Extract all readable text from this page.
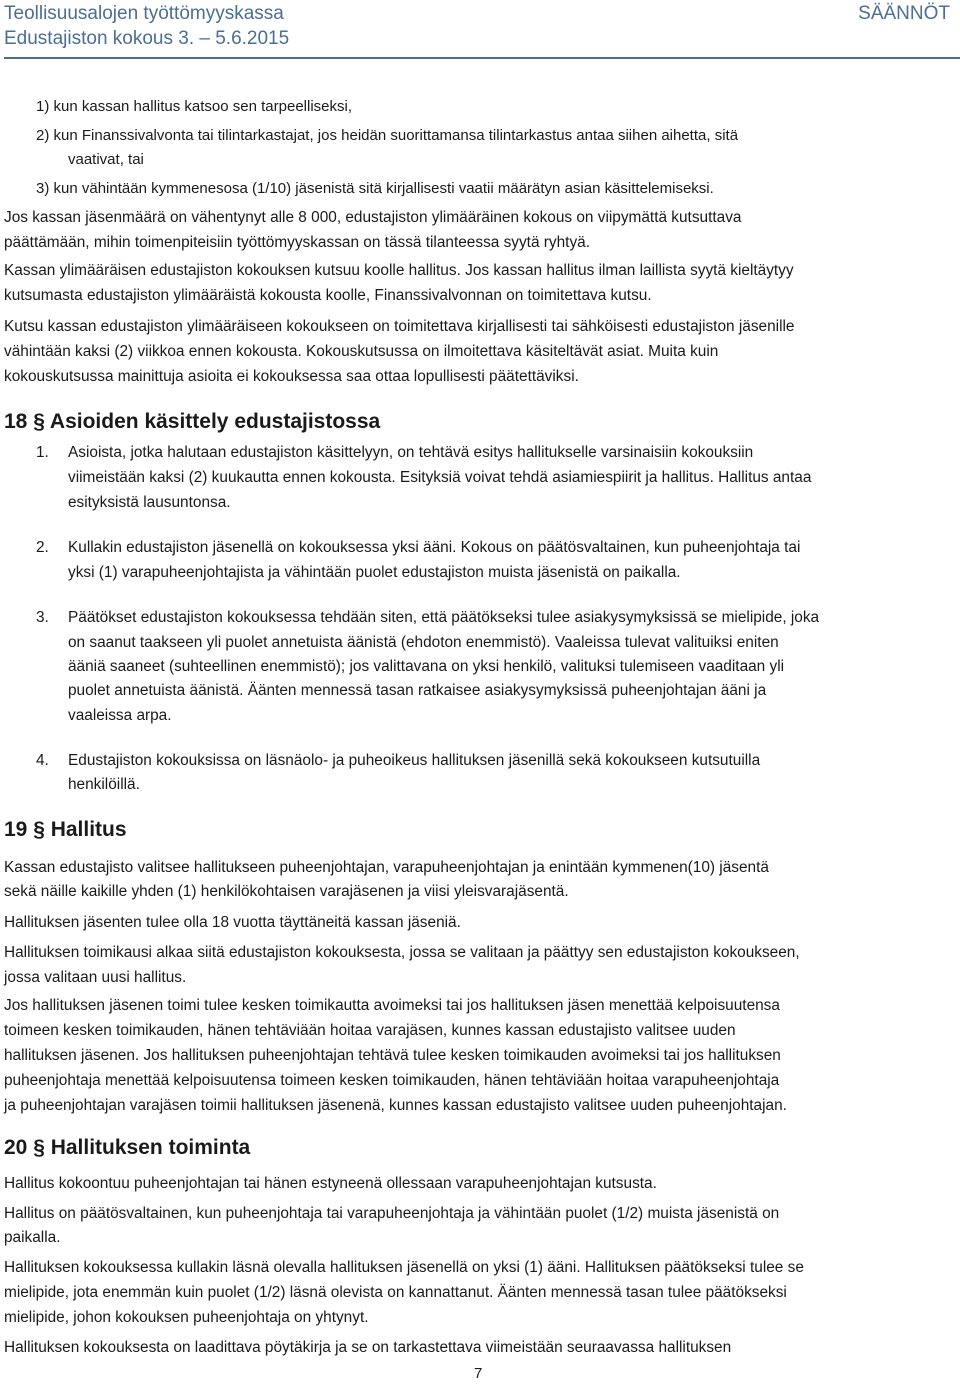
Teollisuusalojen työttömyyskassa
Edustajiston kokous 3. – 5.6.2015
SÄÄNNÖT
1) kun kassan hallitus katsoo sen tarpeelliseksi,
2) kun Finanssivalvonta tai tilintarkastajat, jos heidän suorittamansa tilintarkastus antaa siihen aihetta, sitä
vaativat, tai
3) kun vähintään kymmenesosa (1/10) jäsenistä sitä kirjallisesti vaatii määrätyn asian käsittelemiseksi.
Jos kassan jäsenmäärä on vähentynyt alle 8 000, edustajiston ylimääräinen kokous on viipymättä kutsuttava
päättämään, mihin toimenpiteisiin työttömyyskassan on tässä tilanteessa syytä ryhtyä.
Kassan ylimääräisen edustajiston kokouksen kutsuu koolle hallitus. Jos kassan hallitus ilman laillista syytä kieltäytyy
kutsumasta edustajiston ylimääräistä kokousta koolle, Finanssivalvonnan on toimitettava kutsu.
Kutsu kassan edustajiston ylimääräiseen kokoukseen on toimitettava kirjallisesti tai sähköisesti edustajiston jäsenille
vähintään kaksi (2) viikkoa ennen kokousta. Kokouskutsussa on ilmoitettava käsiteltävät asiat. Muita kuin
kokouskutsussa mainittuja asioita ei kokouksessa saa ottaa lopullisesti päätettäviksi.
18 § Asioiden käsittely edustajistossa
1. Asioista, jotka halutaan edustajiston käsittelyyn, on tehtävä esitys hallitukselle varsinaisiin kokouksiin
viimeistään kaksi (2) kuukautta ennen kokousta. Esityksiä voivat tehdä asiamiespiirit ja hallitus. Hallitus antaa
esityksistä lausuntonsa.
2. Kullakin edustajiston jäsenellä on kokouksessa yksi ääni. Kokous on päätösvaltainen, kun puheenjohtaja tai
yksi (1) varapuheenjohtajista ja vähintään puolet edustajiston muista jäsenistä on paikalla.
3. Päätökset edustajiston kokouksessa tehdään siten, että päätökseksi tulee asiakysymyksissä se mielipide, joka
on saanut taakseen yli puolet annetuista äänistä (ehdoton enemmistö). Vaaleissa tulevat valituiksi eniten
ääniä saaneet (suhteellinen enemmistö); jos valittavana on yksi henkilö, valituksi tulemiseen vaaditaan yli
puolet annetuista äänistä. Äänten mennessä tasan ratkaisee asiakysymyksissä puheenjohtajan ääni ja
vaaleissa arpa.
4. Edustajiston kokouksissa on läsnäolo- ja puheoikeus hallituksen jäsenillä sekä kokoukseen kutsutuilla
henkilöillä.
19 § Hallitus
Kassan edustajisto valitsee hallitukseen puheenjohtajan, varapuheenjohtajan ja enintään kymmenen(10) jäsentä
sekä näille kaikille yhden (1) henkilökohtaisen varajäsenen ja viisi yleisvarajäsentä.
Hallituksen jäsenten tulee olla 18 vuotta täyttäneitä kassan jäseniä.
Hallituksen toimikausi alkaa siitä edustajiston kokouksesta, jossa se valitaan ja päättyy sen edustajiston kokoukseen,
jossa valitaan uusi hallitus.
Jos hallituksen jäsenen toimi tulee kesken toimikautta avoimeksi tai jos hallituksen jäsen menettää kelpoisuutensa
toimeen kesken toimikauden, hänen tehtäviään hoitaa varajäsen, kunnes kassan edustajisto valitsee uuden
hallituksen jäsenen. Jos hallituksen puheenjohtajan tehtävä tulee kesken toimikauden avoimeksi tai jos hallituksen
puheenjohtaja menettää kelpoisuutensa toimeen kesken toimikauden, hänen tehtäviään hoitaa varapuheenjohtaja
ja puheenjohtajan varajäsen toimii hallituksen jäsenenä, kunnes kassan edustajisto valitsee uuden puheenjohtajan.
20 § Hallituksen toiminta
Hallitus kokoontuu puheenjohtajan tai hänen estyneenä ollessaan varapuheenjohtajan kutsusta.
Hallitus on päätösvaltainen, kun puheenjohtaja tai varapuheenjohtaja ja vähintään puolet (1/2) muista jäsenistä on
paikalla.
Hallituksen kokouksessa kullakin läsnä olevalla hallituksen jäsenellä on yksi (1) ääni. Hallituksen päätökseksi tulee se
mielipide, jota enemmän kuin puolet (1/2) läsnä olevista on kannattanut. Äänten mennessä tasan tulee päätökseksi
mielipide, johon kokouksen puheenjohtaja on yhtynyt.
Hallituksen kokouksesta on laadittava pöytäkirja ja se on tarkastettava viimeistään seuraavassa hallituksen
7
